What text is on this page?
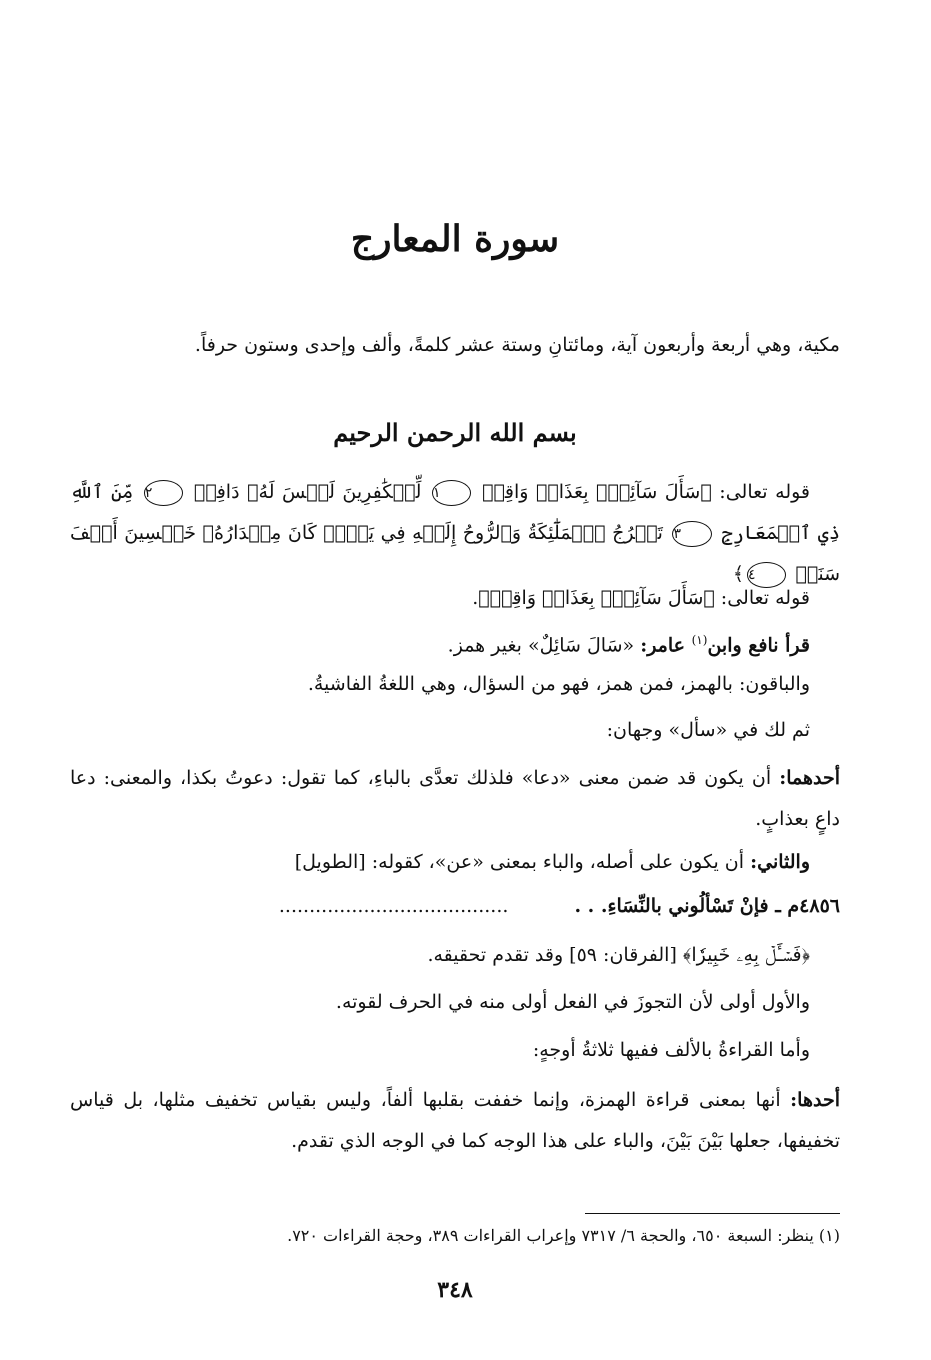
سورة المعارج
مكية، وهي أربعة وأربعون آية، ومائتانِ وستة عشر كلمةً، وألف وإحدى وستون حرفاً.
بسم الله الرحمن الرحيم
قوله تعالى: ﴿سَأَلَ سَآئِلُۢ بِعَذَابٖ وَاقِعٖ ١ لِّلۡكَٰفِرِينَ لَيۡسَ لَهُۥ دَافِعٞ ٢ مِّنَ ٱللَّهِ ذِي ٱلۡمَعَارِجِ ٣ تَعۡرُجُ ٱلۡمَلَٰٓئِكَةُ وَٱلرُّوحُ إِلَيۡهِ فِي يَوۡمٖ كَانَ مِقۡدَارُهُۥ خَمۡسِينَ أَلۡفَ سَنَةٖ ٤﴾
قوله تعالى: ﴿سَأَلَ سَآئِلُۢ بِعَذَابٖ وَاقِعٖ﴾.
قرأ نافع وابن$^{(١)}$ عامر: «سَالَ سَائِلٌ» بغير همز.
والباقون: بالهمز، فمن همز، فهو من السؤال، وهي اللغةُ الفاشيةُ.
ثم لك في «سأل» وجهان:
أحدهما: أن يكون قد ضمن معنى «دعا» فلذلك تعدَّى بالباءِ، كما تقول: دعوتُ بكذا، والمعنى: دعا داعٍ بعذابٍ.
والثاني: أن يكون على أصله، والباء بمعنى «عن»، كقوله: [الطويل]
٤٨٥٦م ـ فإنْ تَسْألُوني بالنِّسَاءِ. . . ......................................
﴿فَسۡـَٔلۡ بِهِۦ خَبِيرٗا﴾ [الفرقان: ٥٩] وقد تقدم تحقيقه.
والأول أولى لأن التجوزَ في الفعل أولى منه في الحرف لقوته.
وأما القراءةُ بالألف ففيها ثلاثةُ أوجهٍ:
أحدها: أنها بمعنى قراءة الهمزة، وإنما خففت بقلبها ألفاً، وليس بقياس تخفيف مثلها، بل قياس تخفيفها، جعلها بَيْنَ بَيْنَ، والباء على هذا الوجه كما في الوجه الذي تقدم.
(١) ينظر: السبعة ٦٥٠، والحجة ٦/ ٧٣١٧ وإعراب القراءات ٣٨٩، وحجة القراءات ٧٢٠.
٣٤٨
